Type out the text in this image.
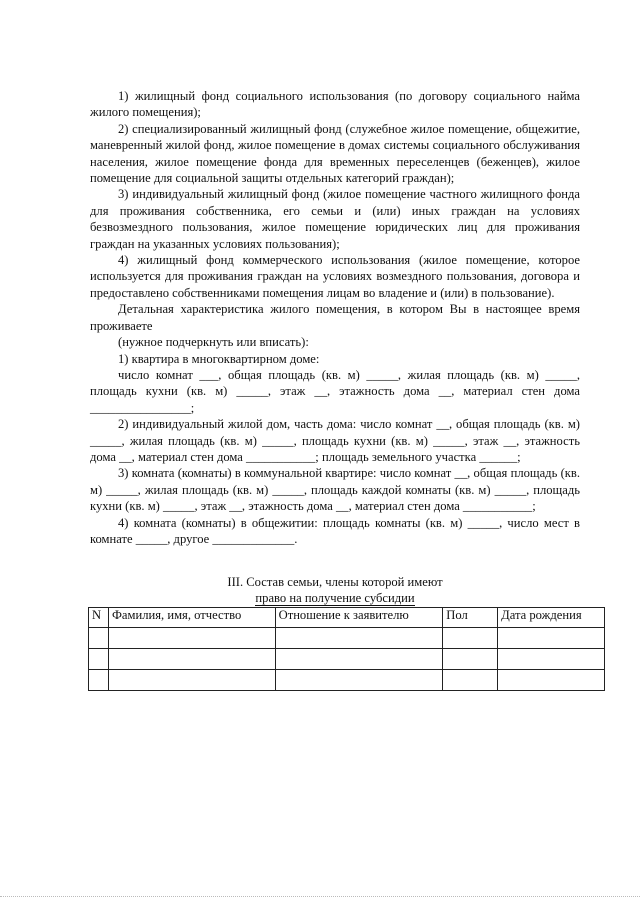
1) жилищный фонд социального использования (по договору социального найма жилого помещения);

2) специализированный жилищный фонд (служебное жилое помещение, общежитие, маневренный жилой фонд, жилое помещение в домах системы социального обслуживания населения, жилое помещение фонда для временных переселенцев (беженцев), жилое помещение для социальной защиты отдельных категорий граждан);

3) индивидуальный жилищный фонд (жилое помещение частного жилищного фонда для проживания собственника, его семьи и (или) иных граждан на условиях безвозмездного пользования, жилое помещение юридических лиц для проживания граждан на указанных условиях пользования);

4) жилищный фонд коммерческого использования (жилое помещение, которое используется для проживания граждан на условиях возмездного пользования, договора и предоставлено собственниками помещения лицам во владение и (или) в пользование).

Детальная характеристика жилого помещения, в котором Вы в настоящее время проживаете

(нужное подчеркнуть или вписать):

1) квартира в многоквартирном доме:

число комнат ___, общая площадь (кв. м) _____, жилая площадь (кв. м) _____, площадь кухни (кв. м) _____, этаж __, этажность дома __, материал стен дома ________________;

2) индивидуальный жилой дом, часть дома: число комнат __, общая площадь (кв. м) _____, жилая площадь (кв. м) _____, площадь кухни (кв. м) _____, этаж __, этажность дома __, материал стен дома ___________; площадь земельного участка ______;

3) комната (комнаты) в коммунальной квартире: число комнат __, общая площадь (кв. м) _____, жилая площадь (кв. м) _____, площадь каждой комнаты (кв. м) _____, площадь кухни (кв. м) _____, этаж __, этажность дома __, материал стен дома ___________;

4) комната (комнаты) в общежитии: площадь комнаты (кв. м) _____, число мест в комнате _____, другое _____________.

III. Состав семьи, члены которой имеют
право на получение субсидии
N	Фамилия, имя, отчество	Отношение к заявителю	Пол	Дата рождения
